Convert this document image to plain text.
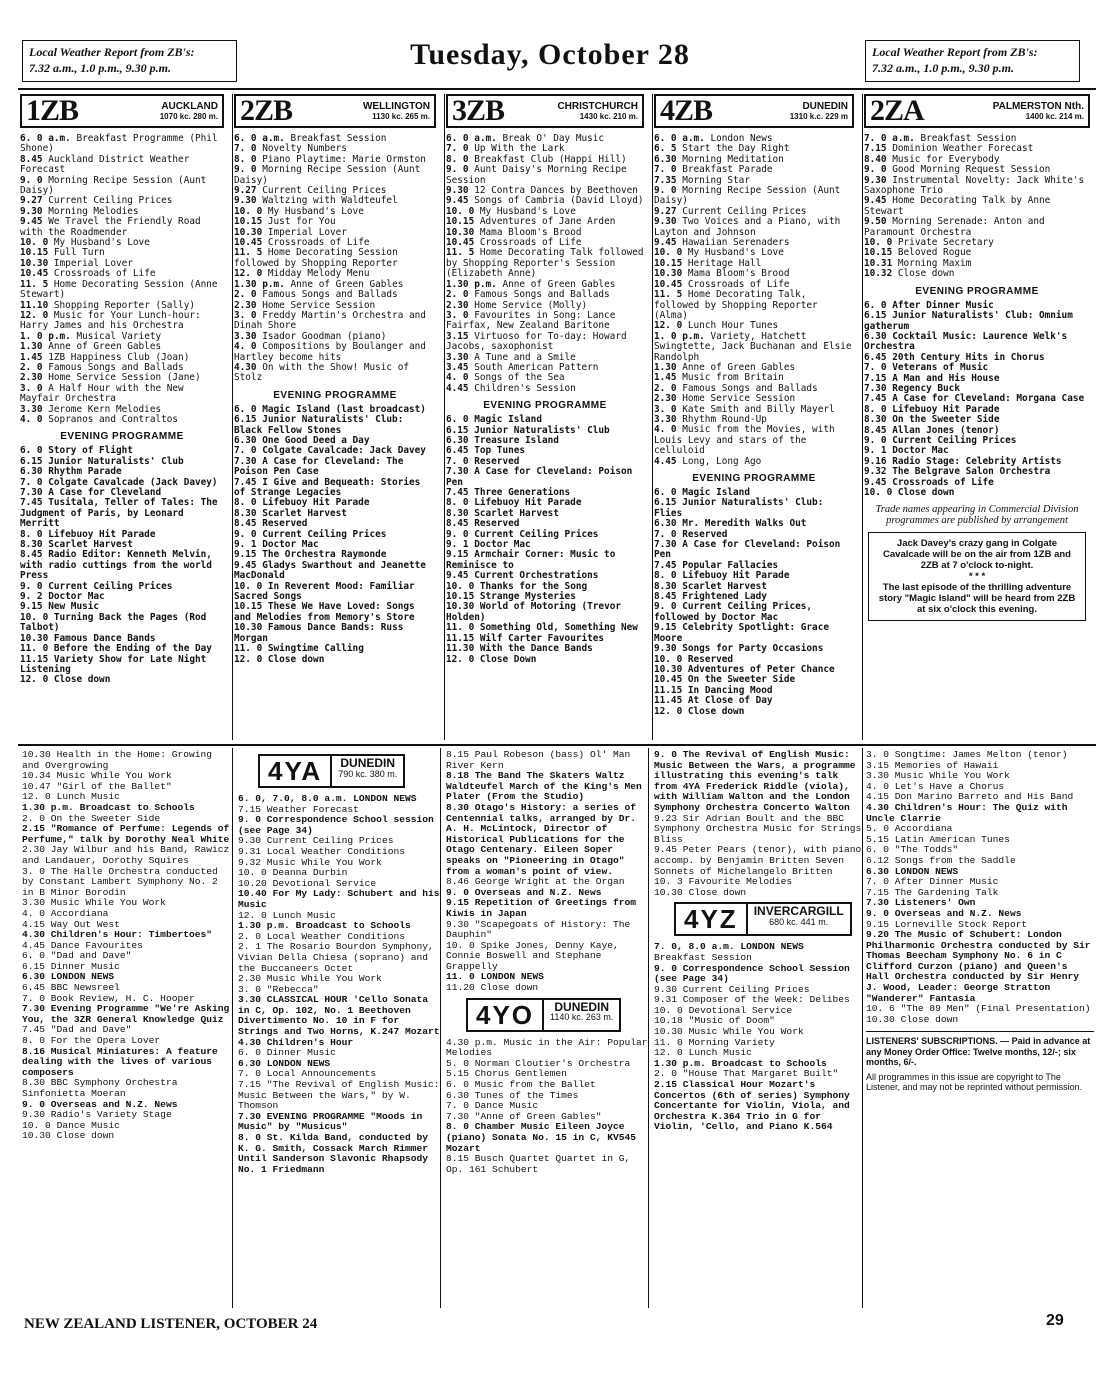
Local Weather Report from ZB's:
7.32 a.m., 1.0 p.m., 9.30 p.m.	Tuesday, October 28	Local Weather Report from ZB's:
7.32 a.m., 1.0 p.m., 9.30 p.m.
1ZB	AUCKLAND
1070 kc. 280 m.

6. 0 a.m. Breakfast Programme (Phil Shone)

8.45 Auckland District Weather Forecast

9. 0 Morning Recipe Session (Aunt Daisy)

9.27 Current Ceiling Prices

9.30 Morning Melodies

9.45 We Travel the Friendly Road with the Roadmender

10. 0 My Husband's Love

10.15 Full Turn

10.30 Imperial Lover

10.45 Crossroads of Life

11. 5 Home Decorating Session (Anne Stewart)

11.10 Shopping Reporter (Sally)

12. 0 Music for Your Lunch-hour: Harry James and his Orchestra

1. 0 p.m. Musical Variety

1.30 Anne of Green Gables

1.45 1ZB Happiness Club (Joan)

2. 0 Famous Songs and Ballads

2.30 Home Service Session (Jane)

3. 0 A Half Hour with the New Mayfair Orchestra

3.30 Jerome Kern Melodies

4. 0 Sopranos and Contraltos

EVENING PROGRAMME

6. 0 Story of Flight

6.15 Junior Naturalists' Club

6.30 Rhythm Parade

7. 0 Colgate Cavalcade (Jack Davey)

7.30 A Case for Cleveland

7.45 Tusitala, Teller of Tales: The Judgment of Paris, by Leonard Merritt

8. 0 Lifebuoy Hit Parade

8.30 Scarlet Harvest

8.45 Radio Editor: Kenneth Melvin, with radio cuttings from the world Press

9. 0 Current Ceiling Prices

9. 2 Doctor Mac

9.15 New Music

10. 0 Turning Back the Pages (Rod Talbot)

10.30 Famous Dance Bands

11. 0 Before the Ending of the Day

11.15 Variety Show for Late Night Listening

12. 0 Close down

2ZB	WELLINGTON
1130 kc. 265 m.

6. 0 a.m. Breakfast Session

7. 0 Novelty Numbers

8. 0 Piano Playtime: Marie Ormston

9. 0 Morning Recipe Session (Aunt Daisy)

9.27 Current Ceiling Prices

9.30 Waltzing with Waldteufel

10. 0 My Husband's Love

10.15 Just for You

10.30 Imperial Lover

10.45 Crossroads of Life

11. 5 Home Decorating Session followed by Shopping Reporter

12. 0 Midday Melody Menu

1.30 p.m. Anne of Green Gables

2. 0 Famous Songs and Ballads

2.30 Home Service Session

3. 0 Freddy Martin's Orchestra and Dinah Shore

3.30 Isador Goodman (piano)

4. 0 Compositions by Boulanger and Hartley become hits

4.30 On with the Show! Music of Stolz

EVENING PROGRAMME

6. 0 Magic Island (last broadcast)

6.15 Junior Naturalists' Club: Black Fellow Stones

6.30 One Good Deed a Day

7. 0 Colgate Cavalcade: Jack Davey

7.30 A Case for Cleveland: The Poison Pen Case

7.45 I Give and Bequeath: Stories of Strange Legacies

8. 0 Lifebuoy Hit Parade

8.30 Scarlet Harvest

8.45 Reserved

9. 0 Current Ceiling Prices

9. 1 Doctor Mac

9.15 The Orchestra Raymonde

9.45 Gladys Swarthout and Jeanette MacDonald

10. 0 In Reverent Mood: Familiar Sacred Songs

10.15 These We Have Loved: Songs and Melodies from Memory's Store

10.30 Famous Dance Bands: Russ Morgan

11. 0 Swingtime Calling

12. 0 Close down

3ZB	CHRISTCHURCH
1430 kc. 210 m.

6. 0 a.m. Break O' Day Music

7. 0 Up With the Lark

8. 0 Breakfast Club (Happi Hill)

9. 0 Aunt Daisy's Morning Recipe Session

9.30 12 Contra Dances by Beethoven

9.45 Songs of Cambria (David Lloyd)

10. 0 My Husband's Love

10.15 Adventures of Jane Arden

10.30 Mama Bloom's Brood

10.45 Crossroads of Life

11. 5 Home Decorating Talk followed by Shopping Reporter's Session (Elizabeth Anne)

1.30 p.m. Anne of Green Gables

2. 0 Famous Songs and Ballads

2.30 Home Service (Molly)

3. 0 Favourites in Song: Lance Fairfax, New Zealand Baritone

3.15 Virtuoso for To-day: Howard Jacobs, saxophonist

3.30 A Tune and a Smile

3.45 South American Pattern

4. 0 Songs of the Sea

4.45 Children's Session

EVENING PROGRAMME

6. 0 Magic Island

6.15 Junior Naturalists' Club

6.30 Treasure Island

6.45 Top Tunes

7. 0 Reserved

7.30 A Case for Cleveland: Poison Pen

7.45 Three Generations

8. 0 Lifebuoy Hit Parade

8.30 Scarlet Harvest

8.45 Reserved

9. 0 Current Ceiling Prices

9. 1 Doctor Mac

9.15 Armchair Corner: Music to Reminisce to

9.45 Current Orchestrations

10. 0 Thanks for the Song

10.15 Strange Mysteries

10.30 World of Motoring (Trevor Holden)

11. 0 Something Old, Something New

11.15 Wilf Carter Favourites

11.30 With the Dance Bands

12. 0 Close Down

4ZB	DUNEDIN
1310 k.c. 229 m

6. 0 a.m. London News

6. 5 Start the Day Right

6.30 Morning Meditation

7. 0 Breakfast Parade

7.35 Morning Star

9. 0 Morning Recipe Session (Aunt Daisy)

9.27 Current Ceiling Prices

9.30 Two Voices and a Piano, with Layton and Johnson

9.45 Hawaiian Serenaders

10. 0 My Husband's Love

10.15 Heritage Hall

10.30 Mama Bloom's Brood

10.45 Crossroads of Life

11. 5 Home Decorating Talk, followed by Shopping Reporter (Alma)

12. 0 Lunch Hour Tunes

1. 0 p.m. Variety, Hatchett Swingtette, Jack Buchanan and Elsie Randolph

1.30 Anne of Green Gables

1.45 Music from Britain

2. 0 Famous Songs and Ballads

2.30 Home Service Session

3. 0 Kate Smith and Billy Mayerl

3.30 Rhythm Round-Up

4. 0 Music from the Movies, with Louis Levy and stars of the celluloid

4.45 Long, Long Ago

EVENING PROGRAMME

6. 0 Magic Island

6.15 Junior Naturalists' Club: Flies

6.30 Mr. Meredith Walks Out

7. 0 Reserved

7.30 A Case for Cleveland: Poison Pen

7.45 Popular Fallacies

8. 0 Lifebuoy Hit Parade

8.30 Scarlet Harvest

8.45 Frightened Lady

9. 0 Current Ceiling Prices, followed by Doctor Mac

9.15 Celebrity Spotlight: Grace Moore

9.30 Songs for Party Occasions

10. 0 Reserved

10.30 Adventures of Peter Chance

10.45 On the Sweeter Side

11.15 In Dancing Mood

11.45 At Close of Day

12. 0 Close down

2ZA	PALMERSTON Nth.
1400 kc. 214 m.

7. 0 a.m. Breakfast Session

7.15 Dominion Weather Forecast

8.40 Music for Everybody

9. 0 Good Morning Request Session

9.30 Instrumental Novelty: Jack White's Saxophone Trio

9.45 Home Decorating Talk by Anne Stewart

9.50 Morning Serenade: Anton and Paramount Orchestra

10. 0 Private Secretary

10.15 Beloved Rogue

10.31 Morning Maxim

10.32 Close down

EVENING PROGRAMME

6. 0 After Dinner Music

6.15 Junior Naturalists' Club: Omnium gatherum

6.30 Cocktail Music: Laurence Welk's Orchestra

6.45 20th Century Hits in Chorus

7. 0 Veterans of Music

7.15 A Man and His House

7.30 Regency Buck

7.45 A Case for Cleveland: Morgana Case

8. 0 Lifebuoy Hit Parade

8.30 On the Sweeter Side

8.45 Allan Jones (tenor)

9. 0 Current Ceiling Prices

9. 1 Doctor Mac

9.16 Radio Stage: Celebrity Artists

9.32 The Belgrave Salon Orchestra

9.45 Crossroads of Life

10. 0 Close down

Trade names appearing in Commercial Division programmes are published by arrangement
Jack Davey's crazy gang in Colgate Cavalcade will be on the air from 1ZB and 2ZB at 7 o'clock to-night.
* * *
The last episode of the thrilling adventure story "Magic Island" will be heard from 2ZB at six o'clock this evening.

10.30 Health in the Home: Growing and Overgrowing

10.34 Music While You Work

10.47 "Girl of the Ballet"

12. 0 Lunch Music

1.30 p.m. Broadcast to Schools

2. 0 On the Sweeter Side

2.15 "Romance of Perfume: Legends of Perfume," talk by Dorothy Neal White

2.30 Jay Wilbur and his Band, Rawicz and Landauer, Dorothy Squires

3. 0 The Halle Orchestra conducted by Constant Lambert Symphony No. 2 in B Minor Borodin

3.30 Music While You Work

4. 0 Accordiana

4.15 Way Out West

4.30 Children's Hour: Timbertoes"

4.45 Dance Favourites

6. 0 "Dad and Dave"

6.15 Dinner Music

6.30 LONDON NEWS

6.45 BBC Newsreel

7. 0 Book Review, H. C. Hooper

7.30 Evening Programme "We're Asking You, the 3ZR General Knowledge Quiz

7.45 "Dad and Dave"

8. 0 For the Opera Lover

8.16 Musical Miniatures: A feature dealing with the lives of various composers

8.30 BBC Symphony Orchestra Sinfonietta Moeran

9. 0 Overseas and N.Z. News

9.30 Radio's Variety Stage

10. 0 Dance Music

10.30 Close down

4YA	DUNEDIN
790 kc. 380 m.

6. 0, 7.0, 8.0 a.m. LONDON NEWS

7.15 Weather Forecast

9. 0 Correspondence School session (see Page 34)

9.30 Current Ceiling Prices

9.31 Local Weather Conditions

9.32 Music While You Work

10. 0 Deanna Durbin

10.20 Devotional Service

10.40 For My Lady: Schubert and his Music

12. 0 Lunch Music

1.30 p.m. Broadcast to Schools

2. 0 Local Weather Conditions

2. 1 The Rosario Bourdon Symphony, Vivian Della Chiesa (soprano) and the Buccaneers Octet

2.30 Music While You Work

3. 0 "Rebecca"

3.30 CLASSICAL HOUR 'Cello Sonata in C, Op. 102, No. 1 Beethoven Divertimento No. 10 in F for Strings and Two Horns, K.247 Mozart

4.30 Children's Hour

6. 0 Dinner Music

6.30 LONDON NEWS

7. 0 Local Announcements

7.15 "The Revival of English Music: Music Between the Wars," by W. Thomson

7.30 EVENING PROGRAMME "Moods in Music" by "Musicus"

8. 0 St. Kilda Band, conducted by K. G. Smith, Cossack March Rimmer Until Sanderson Slavonic Rhapsody No. 1 Friedmann

8.15 Paul Robeson (bass) Ol' Man River Kern

8.18 The Band The Skaters Waltz Waldteufel March of the King's Men Plater (From the Studio)

8.30 Otago's History: a series of Centennial talks, arranged by Dr. A. H. McLintock, Director of Historical Publications for the Otago Centenary. Eileen Soper speaks on "Pioneering in Otago" from a woman's point of view.

8.46 George Wright at the Organ

9. 0 Overseas and N.Z. News

9.15 Repetition of Greetings from Kiwis in Japan

9.30 "Scapegoats of History: The Dauphin"

10. 0 Spike Jones, Denny Kaye, Connie Boswell and Stephane Grappelly

11. 0 LONDON NEWS

11.20 Close down

4YO	DUNEDIN
1140 kc. 263 m.

4.30 p.m. Music in the Air: Popular Melodies

5. 0 Norman Cloutier's Orchestra

5.15 Chorus Gentlemen

6. 0 Music from the Ballet

6.30 Tunes of the Times

7. 0 Dance Music

7.30 "Anne of Green Gables"

8. 0 Chamber Music Eileen Joyce (piano) Sonata No. 15 in C, KV545 Mozart

8.15 Busch Quartet Quartet in G, Op. 161 Schubert

9. 0 The Revival of English Music: Music Between the Wars, a programme illustrating this evening's talk from 4YA Frederick Riddle (viola), with William Walton and the London Symphony Orchestra Concerto Walton

9.23 Sir Adrian Boult and the BBC Symphony Orchestra Music for Strings Bliss

9.45 Peter Pears (tenor), with piano accomp. by Benjamin Britten Seven Sonnets of Michelangelo Britten

10. 3 Favourite Melodies

10.30 Close down

4YZ	INVERCARGILL
680 kc. 441 m.

7. 0, 8.0 a.m. LONDON NEWS

Breakfast Session

9. 0 Correspondence School Session (see Page 34)

9.30 Current Ceiling Prices

9.31 Composer of the Week: Delibes

10. 0 Devotional Service

10.18 "Music of Doom"

10.30 Music While You Work

11. 0 Morning Variety

12. 0 Lunch Music

1.30 p.m. Broadcast to Schools

2. 0 "House That Margaret Built"

2.15 Classical Hour Mozart's Concertos (6th of series) Symphony Concertante for Violin, Viola, and Orchestra K.364 Trio in G for Violin, 'Cello, and Piano K.564

3. 0 Songtime: James Melton (tenor)

3.15 Memories of Hawaii

3.30 Music While You Work

4. 0 Let's Have a Chorus

4.15 Don Marino Barreto and His Band

4.30 Children's Hour: The Quiz with Uncle Clarrie

5. 0 Accordiana

5.15 Latin American Tunes

6. 0 "The Todds"

6.12 Songs from the Saddle

6.30 LONDON NEWS

7. 0 After Dinner Music

7.15 The Gardening Talk

7.30 Listeners' Own

9. 0 Overseas and N.Z. News

9.15 Lorneville Stock Report

9.20 The Music of Schubert: London Philharmonic Orchestra conducted by Sir Thomas Beecham Symphony No. 6 in C Clifford Curzon (piano) and Queen's Hall Orchestra conducted by Sir Henry J. Wood, Leader: George Stratton "Wanderer" Fantasia

10. 6 "The 89 Men" (Final Presentation)

10.30 Close down

LISTENERS' SUBSCRIPTIONS. — Paid in advance at any Money Order Office: Twelve months, 12/-; six months, 6/-.
All programmes in this issue are copyright to The Listener, and may not be reprinted without permission.
NEW ZEALAND LISTENER, OCTOBER 24	29
